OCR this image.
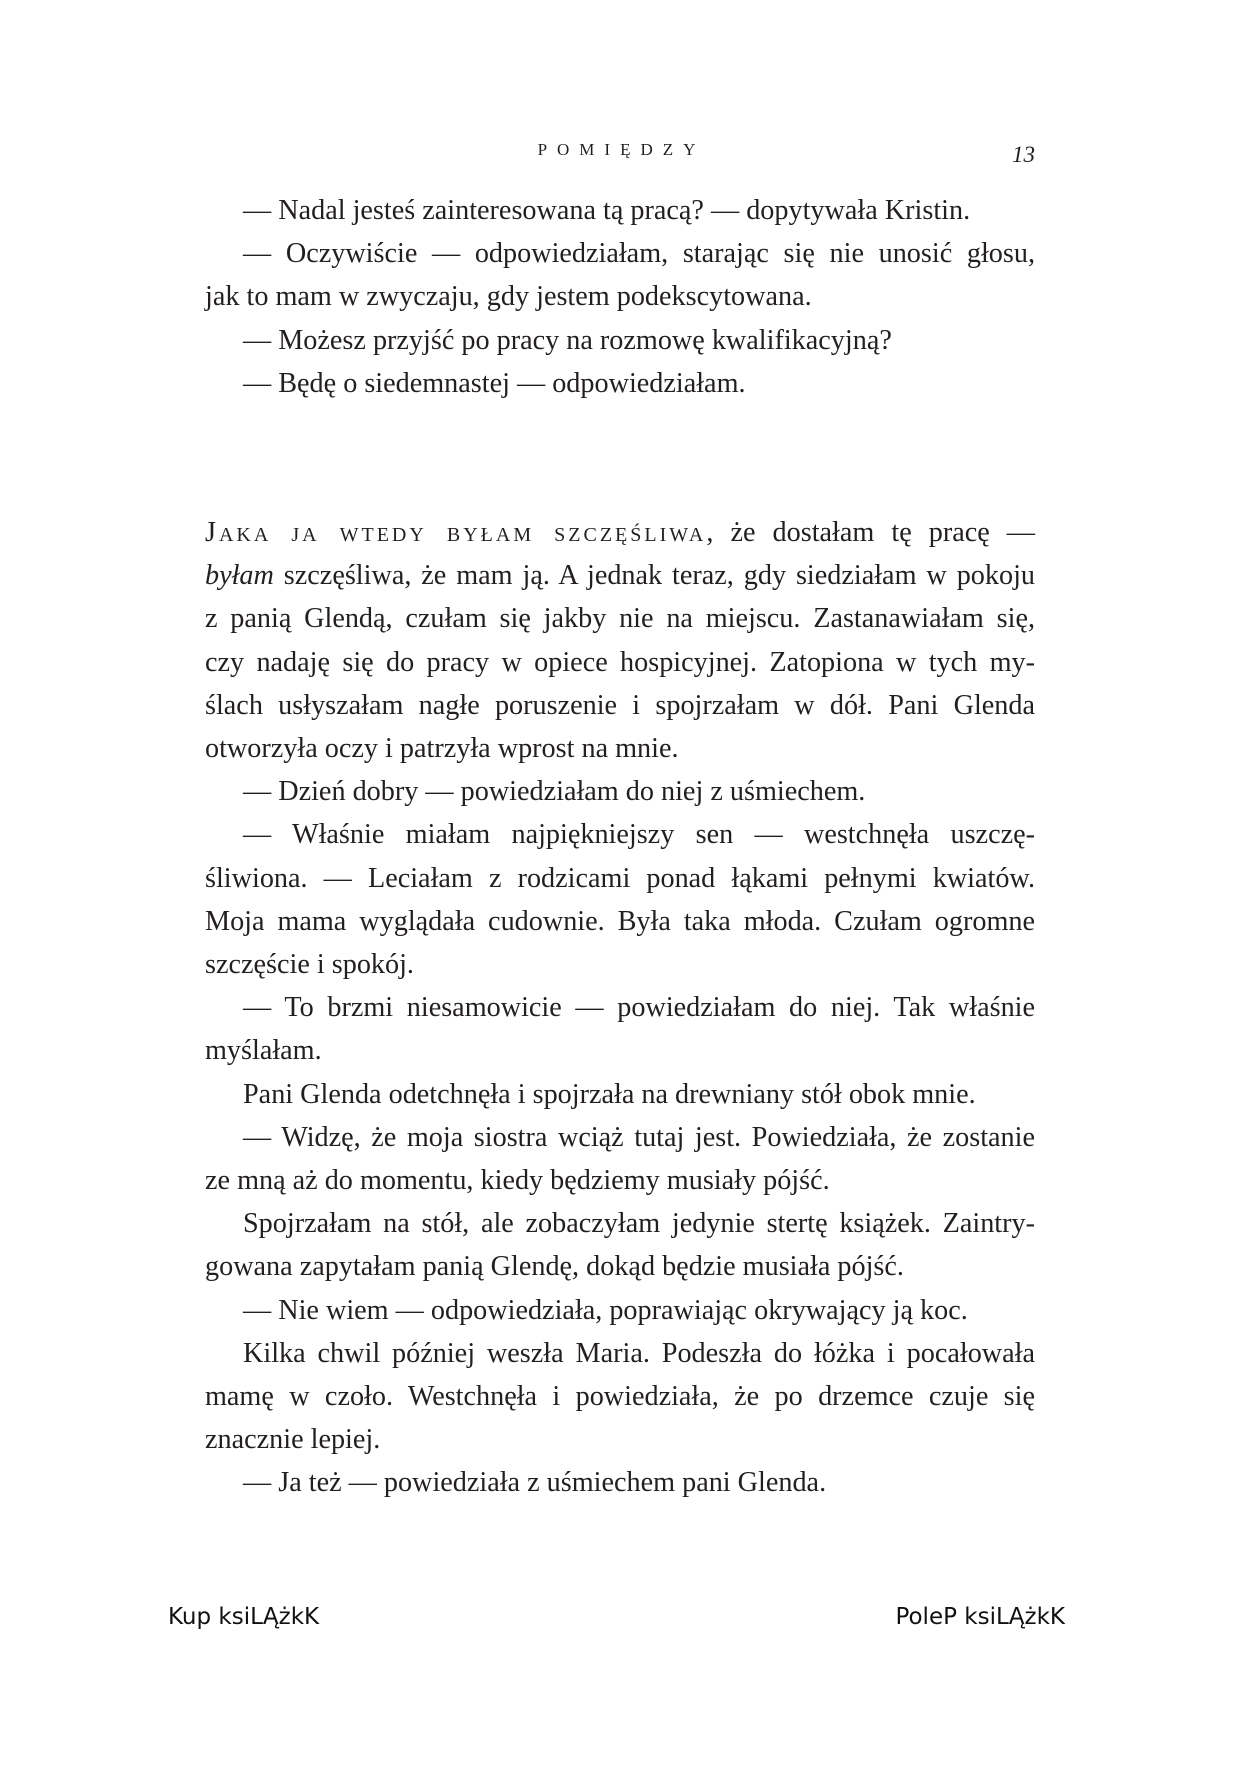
POMIĘDZY	13

— Nadal jesteś zainteresowana tą pracą? — dopytywała Kristin.

— Oczywiście — odpowiedziałam, starając się nie unosić głosu,

jak to mam w zwyczaju, gdy jestem podekscytowana.

— Możesz przyjść po pracy na rozmowę kwalifikacyjną?

— Będę o siedemnastej — odpowiedziałam.

Jaka ja wtedy byłam szczęśliwa, że dostałam tę pracę —

byłam szczęśliwa, że mam ją. A jednak teraz, gdy siedziałam w pokoju

z panią Glendą, czułam się jakby nie na miejscu. Zastanawiałam się,

czy nadaję się do pracy w opiece hospicyjnej. Zatopiona w tych my-

ślach usłyszałam nagłe poruszenie i spojrzałam w dół. Pani Glenda

otworzyła oczy i patrzyła wprost na mnie.

— Dzień dobry — powiedziałam do niej z uśmiechem.

— Właśnie miałam najpiękniejszy sen — westchnęła uszczę-

śliwiona. — Leciałam z rodzicami ponad łąkami pełnymi kwiatów.

Moja mama wyglądała cudownie. Była taka młoda. Czułam ogromne

szczęście i spokój.

— To brzmi niesamowicie — powiedziałam do niej. Tak właśnie

myślałam.

Pani Glenda odetchnęła i spojrzała na drewniany stół obok mnie.

— Widzę, że moja siostra wciąż tutaj jest. Powiedziała, że zostanie

ze mną aż do momentu, kiedy będziemy musiały pójść.

Spojrzałam na stół, ale zobaczyłam jedynie stertę książek. Zaintry-

gowana zapytałam panią Glendę, dokąd będzie musiała pójść.

— Nie wiem — odpowiedziała, poprawiając okrywający ją koc.

Kilka chwil później weszła Maria. Podeszła do łóżka i pocałowała

mamę w czoło. Westchnęła i powiedziała, że po drzemce czuje się

znacznie lepiej.

— Ja też — powiedziała z uśmiechem pani Glenda.

Kup ksiLĄżkK	PoleP ksiLĄżkK
